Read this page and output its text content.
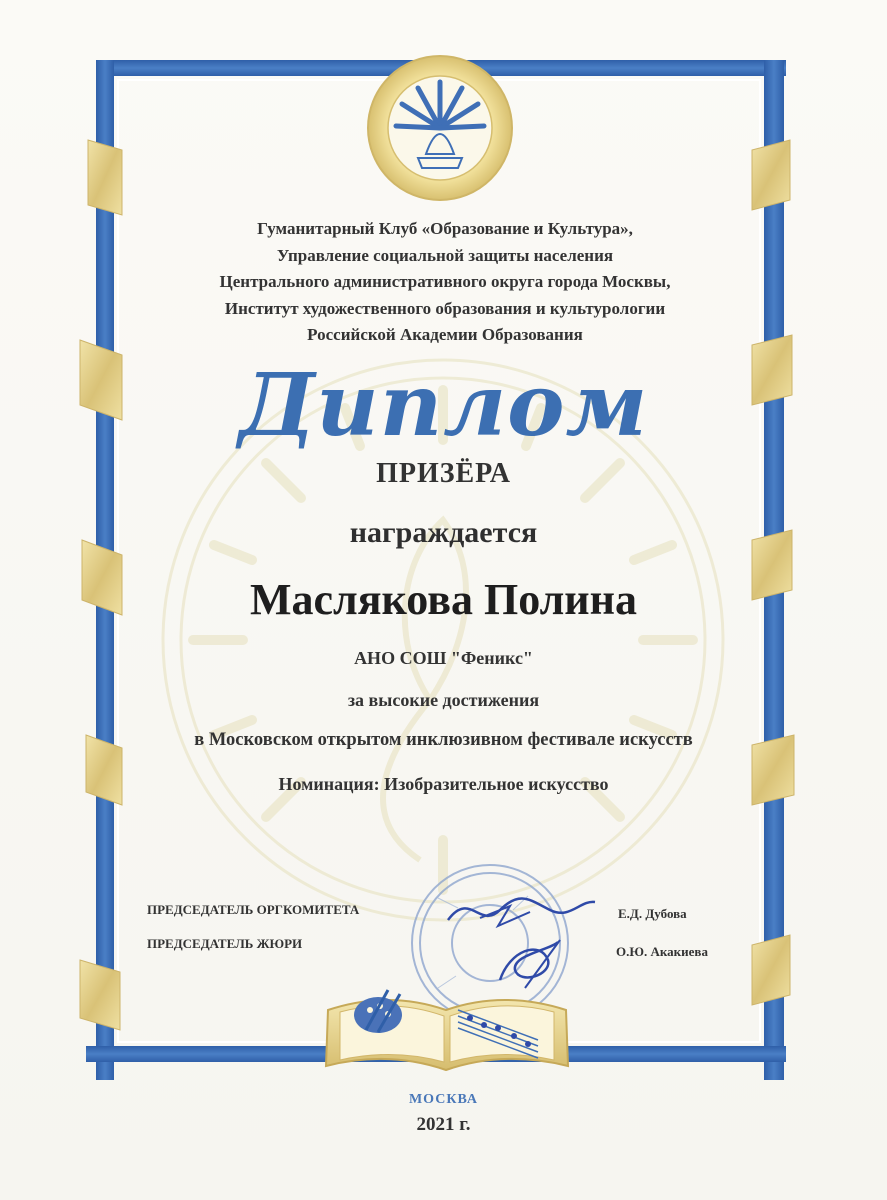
Гуманитарный Клуб «Образование и Культура»,
Управление социальной защиты населения
Центрального административного округа города Москвы,
Институт художественного образования и культурологии
Российской Академии Образования
Диплом
ПРИЗЁРА
награждается
Маслякова Полина
АНО СОШ "Феникс"
за высокие достижения
в Московском открытом инклюзивном фестивале искусств
Номинация: Изобразительное искусство
ПРЕДСЕДАТЕЛЬ ОРГКОМИТЕТА
ПРЕДСЕДАТЕЛЬ ЖЮРИ
Е.Д. Дубова
О.Ю. Акакиева
МОСКВА
2021 г.
